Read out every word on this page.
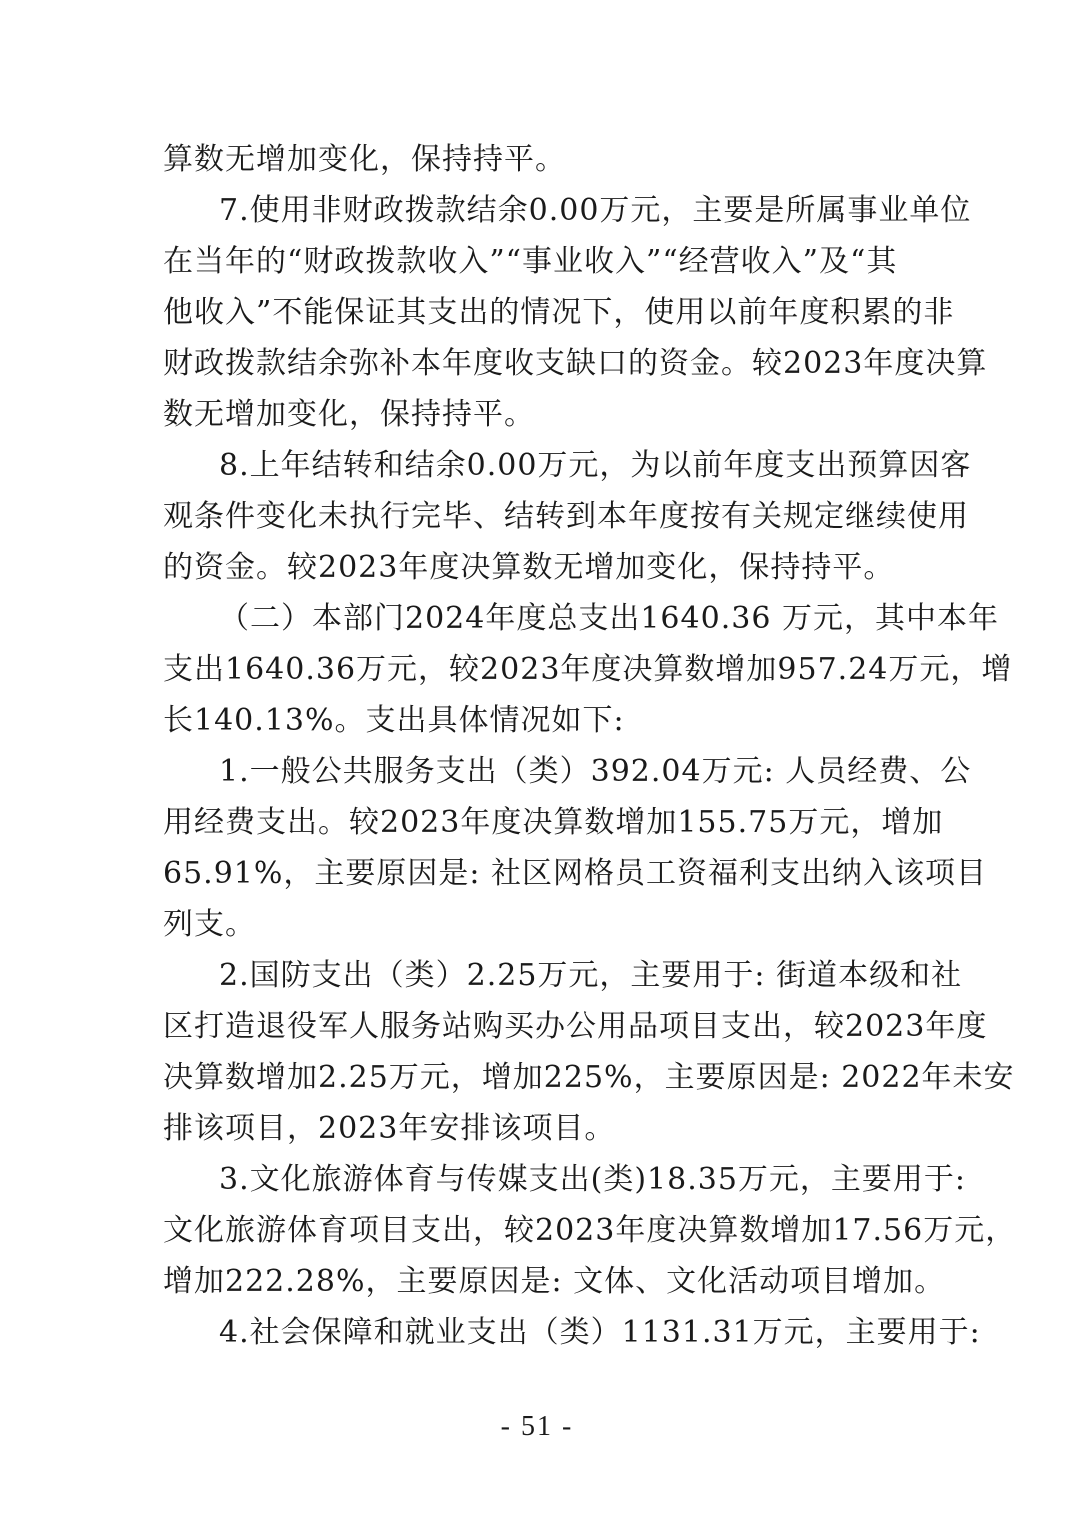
算数无增加变化，保持持平。
7.使用非财政拨款结余0.00万元，主要是所属事业单位
在当年的“财政拨款收入”“事业收入”“经营收入”及“其
他收入”不能保证其支出的情况下，使用以前年度积累的非
财政拨款结余弥补本年度收支缺口的资金。较2023年度决算
数无增加变化，保持持平。
8.上年结转和结余0.00万元，为以前年度支出预算因客
观条件变化未执行完毕、结转到本年度按有关规定继续使用
的资金。较2023年度决算数无增加变化，保持持平。
（二）本部门2024年度总支出1640.36 万元，其中本年
支出1640.36万元，较2023年度决算数增加957.24万元，增
长140.13%。支出具体情况如下:
1.一般公共服务支出（类）392.04万元: 人员经费、公
用经费支出。较2023年度决算数增加155.75万元，增加
65.91%，主要原因是: 社区网格员工资福利支出纳入该项目
列支。
2.国防支出（类）2.25万元，主要用于: 街道本级和社
区打造退役军人服务站购买办公用品项目支出，较2023年度
决算数增加2.25万元，增加225%，主要原因是: 2022年未安
排该项目，2023年安排该项目。
3.文化旅游体育与传媒支出(类)18.35万元，主要用于:
文化旅游体育项目支出，较2023年度决算数增加17.56万元，
增加222.28%，主要原因是: 文体、文化活动项目增加。
4.社会保障和就业支出（类）1131.31万元，主要用于:
- 51 -
